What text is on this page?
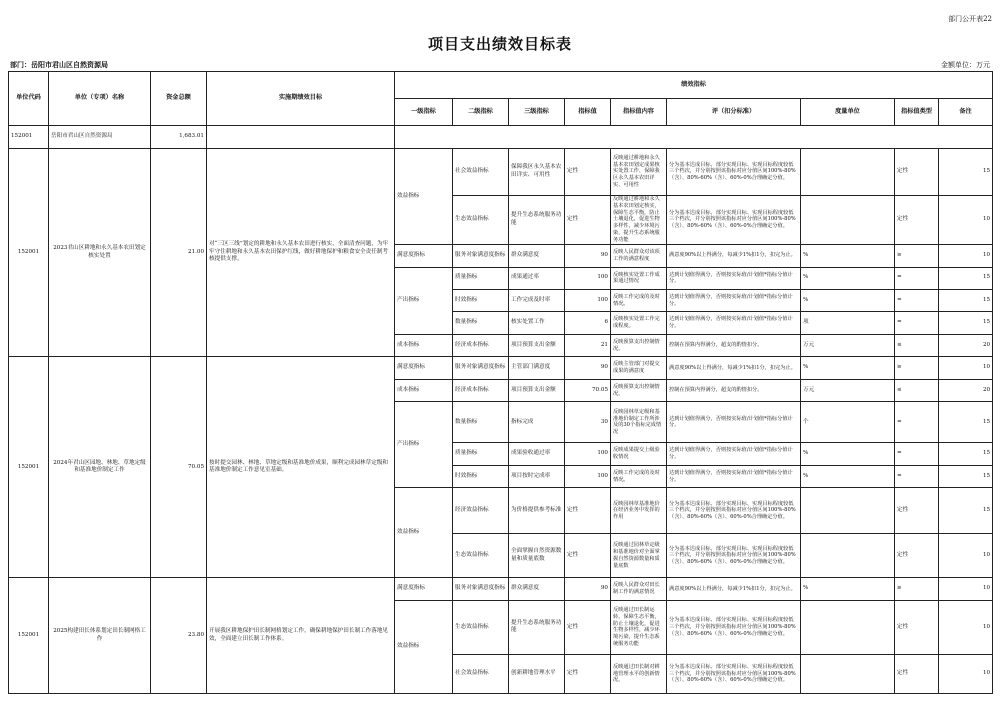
部门公开表22
项目支出绩效目标表
部门：岳阳市君山区自然资源局	金额单位：万元
单位代码	单位（专项）名称	资金总额	实施期绩效目标	绩效指标								
				一级指标	二级指标	三级指标	指标值	指标值内容	评（扣分标准）	度量单位	指标值类型	备注
152001	岳阳市君山区自然资源局	1,683.01										
152001	2023君山区耕地和永久基本农田划定核实处置	21.00	对“三区三线”划定的耕地和永久基本农田进行核实，全面清查问题，为牢牢守住耕地和永久基本农田保护红线，做好耕地保护和粮食安全责任制考核提供支撑。	效益指标	社会效益指标	保障我区永久基本农田详实、可用性	定性	反映通过耕地和永久基本农田划定成果核实处置工作，保障我区永久基本农田详实、可用性	分为基本达成目标、部分实现目标、实现目标程度较低三个档次，并分别按照该指标对应分值区间100%-80%（含）、80%-60%（含）、60%-0%合理确定分值。		定性	15
					生态效益指标	提升生态系统服务功能	定性	反映通过耕地和永久基本农田划定核实，保障生态平衡，防止土壤退化，促进生物多样性，减少环境污染，提升生态系统服务功能	分为基本达成目标、部分实现目标、实现目标程度较低三个档次，并分别按照该指标对应分值区间100%-80%（含）、80%-60%（含）、60%-0%合理确定分值。		定性	10
				满意度指标	服务对象满意度指标	群众满意度	90	反映人民群众对该项工作的满意程度	满意度90%以上得满分，每减少1%扣1分，扣完为止。	%	≥	10
				产出指标	质量指标	成果通过率	100	反映核实处置工作成果通过情况	达到计划值得满分，否则按实际值/计划值*指标分值计分。	%	=	15
					时效指标	工作完成及时率	100	反映工作完成的及时情况。	达到计划值得满分，否则按实际值/计划值*指标分值计分。	%	=	15
					数量指标	核实处置工作	6	反映核实处置工作完成程度。	达到计划值得满分，否则按实际值/计划值*指标分值计分。	项	=	15
				成本指标	经济成本指标	项目预算支出金额	21	反映预算支出控制情况。	控制在预算内得满分，超支的酌情扣分。	万元	≤	20
152001	2024年君山区园地、林地、草地定级和基准地价制定工作	70.05	按时提交园林、林地、草地定级和基准地价成果，顺利完成园林草定级和基准地价制定工作意见室基础。	满意度指标	服务对象满意度指标	主管部门满意度	90	反映主管部门对提交成果的满意度	满意度90%以上得满分，每减少1%扣1分，扣完为止。	%	≥	10
				成本指标	经济成本指标	项目预算支出金额	70.05	反映预算支出控制情况。	控制在预算内得满分，超支的酌情扣分。	万元	≤	20
				产出指标	数量指标	指标完成	30	反映园林草定级和基准地价制定工作所涉及的30个指标完成情况	达到计划值得满分，否则按实际值/计划值*指标分值计分。	个	=	15
					质量指标	成果验收通过率	100	反映成果提交上级验收情况	达到计划值得满分，否则按实际值/计划值*指标分值计分。	%	=	15
					时效指标	项目按时完成率	100	反映工作完成的及时情况。	达到计划值得满分，否则按实际值/计划值*指标分值计分。	%	=	15
				效益指标	经济效益指标	为价格提供参考标准	定性	反映园林草基准地价在经济业务中发挥的作用	分为基本达成目标、部分实现目标、实现目标程度较低三个档次，并分别按照该指标对应分值区间100%-80%（含）、80%-60%（含）、60%-0%合理确定分值。		定性	15
					生态效益指标	全面掌握自然资源数量和质量底数	定性	反映通过园林草定级和基准地价对全面掌握自然资源数量和质量底数	分为基本达成目标、部分实现目标、实现目标程度较低三个档次，并分别按照该指标对应分值区间100%-80%（含）、80%-60%（含）、60%-0%合理确定分值。		定性	10
152001	2025构建田长体系划定田长制网格工作	23.80	开展我区耕地保护田长制网格划定工作，确保耕地保护田长制工作落地见效，全面建立田长制工作体系。	满意度指标	服务对象满意度指标	群众满意度	90	反映人民群众对田长制工作的满意情况	满意度90%以上得满分，每减少1%扣1分，扣完为止。	%	≥	10
				效益指标	生态效益指标	提升生态系统服务功能	定性	反映通过田长制运转，保障生态平衡，防止土壤退化，促进生物多样性，减少环境污染，提升生态系统服务功能	分为基本达成目标、部分实现目标、实现目标程度较低三个档次，并分别按照该指标对应分值区间100%-80%（含）、80%-60%（含）、60%-0%合理确定分值。		定性	10
					社会效益指标	创新耕地管理水平	定性	反映通过田长制对耕地管理水平的创新情况。	分为基本达成目标、部分实现目标、实现目标程度较低三个档次，并分别按照该指标对应分值区间100%-80%（含）、80%-60%（含）、60%-0%合理确定分值。		定性	10
